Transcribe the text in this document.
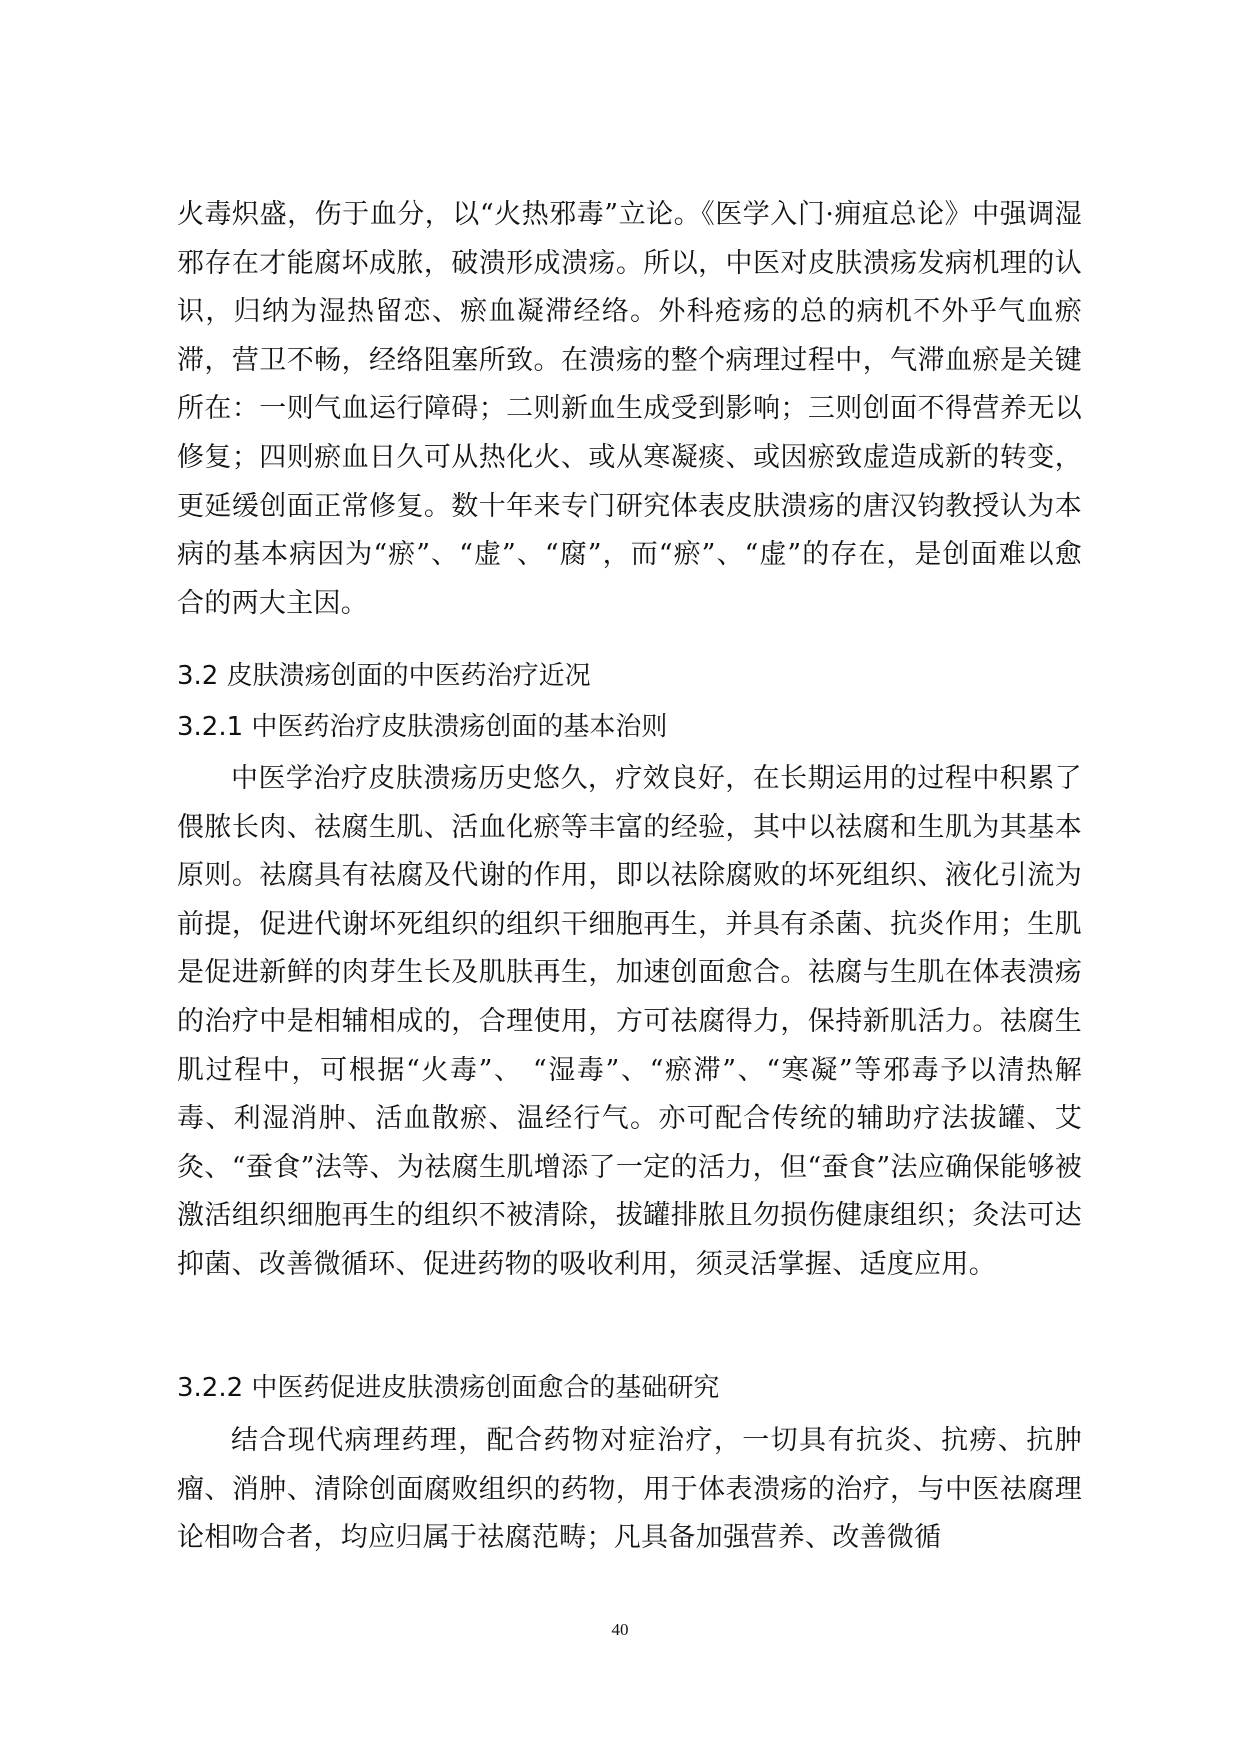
火毒炽盛，伤于血分，以“火热邪毒”立论。《医学入门·痈疽总论》中强调湿邪存在才能腐坏成脓，破溃形成溃疡。所以，中医对皮肤溃疡发病机理的认识，归纳为湿热留恋、瘀血凝滞经络。外科疮疡的总的病机不外乎气血瘀滞，营卫不畅，经络阻塞所致。在溃疡的整个病理过程中，气滞血瘀是关键所在：一则气血运行障碍；二则新血生成受到影响；三则创面不得营养无以修复；四则瘀血日久可从热化火、或从寒凝痰、或因瘀致虚造成新的转变，更延缓创面正常修复。数十年来专门研究体表皮肤溃疡的唐汉钧教授认为本病的基本病因为“瘀”、“虚”、“腐”，而“瘀”、“虚”的存在，是创面难以愈合的两大主因。

3.2 皮肤溃疡创面的中医药治疗近况
3.2.1 中医药治疗皮肤溃疡创面的基本治则

中医学治疗皮肤溃疡历史悠久，疗效良好，在长期运用的过程中积累了偎脓长肉、祛腐生肌、活血化瘀等丰富的经验，其中以祛腐和生肌为其基本原则。祛腐具有祛腐及代谢的作用，即以祛除腐败的坏死组织、液化引流为前提，促进代谢坏死组织的组织干细胞再生，并具有杀菌、抗炎作用；生肌是促进新鲜的肉芽生长及肌肤再生，加速创面愈合。祛腐与生肌在体表溃疡的治疗中是相辅相成的，合理使用，方可祛腐得力，保持新肌活力。祛腐生肌过程中，可根据“火毒”、 “湿毒”、“瘀滞”、“寒凝”等邪毒予以清热解毒、利湿消肿、活血散瘀、温经行气。亦可配合传统的辅助疗法拔罐、艾灸、“蚕食”法等、为祛腐生肌增添了一定的活力，但“蚕食”法应确保能够被激活组织细胞再生的组织不被清除，拔罐排脓且勿损伤健康组织；灸法可达抑菌、改善微循环、促进药物的吸收利用，须灵活掌握、适度应用。

3.2.2 中医药促进皮肤溃疡创面愈合的基础研究

结合现代病理药理，配合药物对症治疗，一切具有抗炎、抗痨、抗肿瘤、消肿、清除创面腐败组织的药物，用于体表溃疡的治疗，与中医祛腐理论相吻合者，均应归属于祛腐范畴；凡具备加强营养、改善微循

40
